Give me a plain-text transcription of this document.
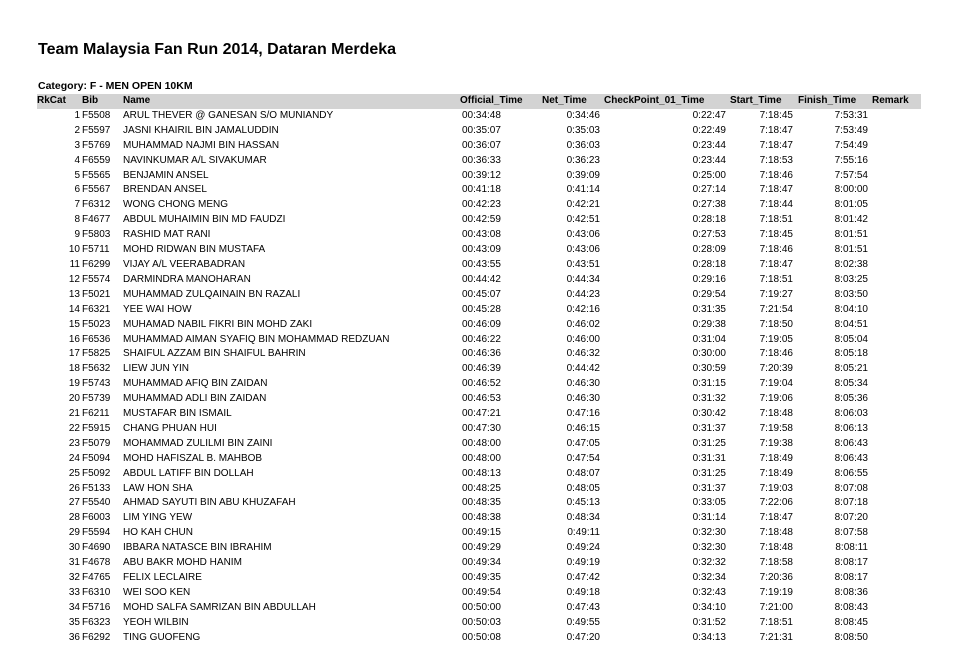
Team Malaysia Fan Run 2014, Dataran Merdeka
Category: F - MEN OPEN 10KM
RkCat	Bib	Name	Official_Time	Net_Time	CheckPoint_01_Time	Start_Time	Finish_Time	Remark
1	F5508	ARUL THEVER @ GANESAN S/O MUNIANDY	00:34:48	0:34:46	0:22:47	7:18:45	7:53:31	
2	F5597	JASNI KHAIRIL BIN JAMALUDDIN	00:35:07	0:35:03	0:22:49	7:18:47	7:53:49	
3	F5769	MUHAMMAD NAJMI BIN HASSAN	00:36:07	0:36:03	0:23:44	7:18:47	7:54:49	
4	F6559	NAVINKUMAR A/L SIVAKUMAR	00:36:33	0:36:23	0:23:44	7:18:53	7:55:16	
5	F5565	BENJAMIN ANSEL	00:39:12	0:39:09	0:25:00	7:18:46	7:57:54	
6	F5567	BRENDAN ANSEL	00:41:18	0:41:14	0:27:14	7:18:47	8:00:00	
7	F6312	WONG CHONG MENG	00:42:23	0:42:21	0:27:38	7:18:44	8:01:05	
8	F4677	ABDUL MUHAIMIN BIN MD FAUDZI	00:42:59	0:42:51	0:28:18	7:18:51	8:01:42	
9	F5803	RASHID MAT RANI	00:43:08	0:43:06	0:27:53	7:18:45	8:01:51	
10	F5711	MOHD RIDWAN BIN MUSTAFA	00:43:09	0:43:06	0:28:09	7:18:46	8:01:51	
11	F6299	VIJAY A/L VEERABADRAN	00:43:55	0:43:51	0:28:18	7:18:47	8:02:38	
12	F5574	DARMINDRA MANOHARAN	00:44:42	0:44:34	0:29:16	7:18:51	8:03:25	
13	F5021	MUHAMMAD ZULQAINAIN BN RAZALI	00:45:07	0:44:23	0:29:54	7:19:27	8:03:50	
14	F6321	YEE WAI HOW	00:45:28	0:42:16	0:31:35	7:21:54	8:04:10	
15	F5023	MUHAMAD NABIL FIKRI BIN MOHD ZAKI	00:46:09	0:46:02	0:29:38	7:18:50	8:04:51	
16	F6536	MUHAMMAD AIMAN SYAFIQ BIN MOHAMMAD REDZUAN	00:46:22	0:46:00	0:31:04	7:19:05	8:05:04	
17	F5825	SHAIFUL AZZAM BIN SHAIFUL BAHRIN	00:46:36	0:46:32	0:30:00	7:18:46	8:05:18	
18	F5632	LIEW JUN YIN	00:46:39	0:44:42	0:30:59	7:20:39	8:05:21	
19	F5743	MUHAMMAD AFIQ BIN ZAIDAN	00:46:52	0:46:30	0:31:15	7:19:04	8:05:34	
20	F5739	MUHAMMAD ADLI BIN ZAIDAN	00:46:53	0:46:30	0:31:32	7:19:06	8:05:36	
21	F6211	MUSTAFAR BIN ISMAIL	00:47:21	0:47:16	0:30:42	7:18:48	8:06:03	
22	F5915	CHANG PHUAN HUI	00:47:30	0:46:15	0:31:37	7:19:58	8:06:13	
23	F5079	MOHAMMAD ZULILMI BIN ZAINI	00:48:00	0:47:05	0:31:25	7:19:38	8:06:43	
24	F5094	MOHD HAFISZAL B. MAHBOB	00:48:00	0:47:54	0:31:31	7:18:49	8:06:43	
25	F5092	ABDUL LATIFF BIN DOLLAH	00:48:13	0:48:07	0:31:25	7:18:49	8:06:55	
26	F5133	LAW HON SHA	00:48:25	0:48:05	0:31:37	7:19:03	8:07:08	
27	F5540	AHMAD SAYUTI BIN ABU KHUZAFAH	00:48:35	0:45:13	0:33:05	7:22:06	8:07:18	
28	F6003	LIM YING YEW	00:48:38	0:48:34	0:31:14	7:18:47	8:07:20	
29	F5594	HO KAH CHUN	00:49:15	0:49:11	0:32:30	7:18:48	8:07:58	
30	F4690	IBBARA NATASCE BIN IBRAHIM	00:49:29	0:49:24	0:32:30	7:18:48	8:08:11	
31	F4678	ABU BAKR MOHD HANIM	00:49:34	0:49:19	0:32:32	7:18:58	8:08:17	
32	F4765	FELIX LECLAIRE	00:49:35	0:47:42	0:32:34	7:20:36	8:08:17	
33	F6310	WEI SOO KEN	00:49:54	0:49:18	0:32:43	7:19:19	8:08:36	
34	F5716	MOHD SALFA SAMRIZAN BIN ABDULLAH	00:50:00	0:47:43	0:34:10	7:21:00	8:08:43	
35	F6323	YEOH WILBIN	00:50:03	0:49:55	0:31:52	7:18:51	8:08:45	
36	F6292	TING GUOFENG	00:50:08	0:47:20	0:34:13	7:21:31	8:08:50	
